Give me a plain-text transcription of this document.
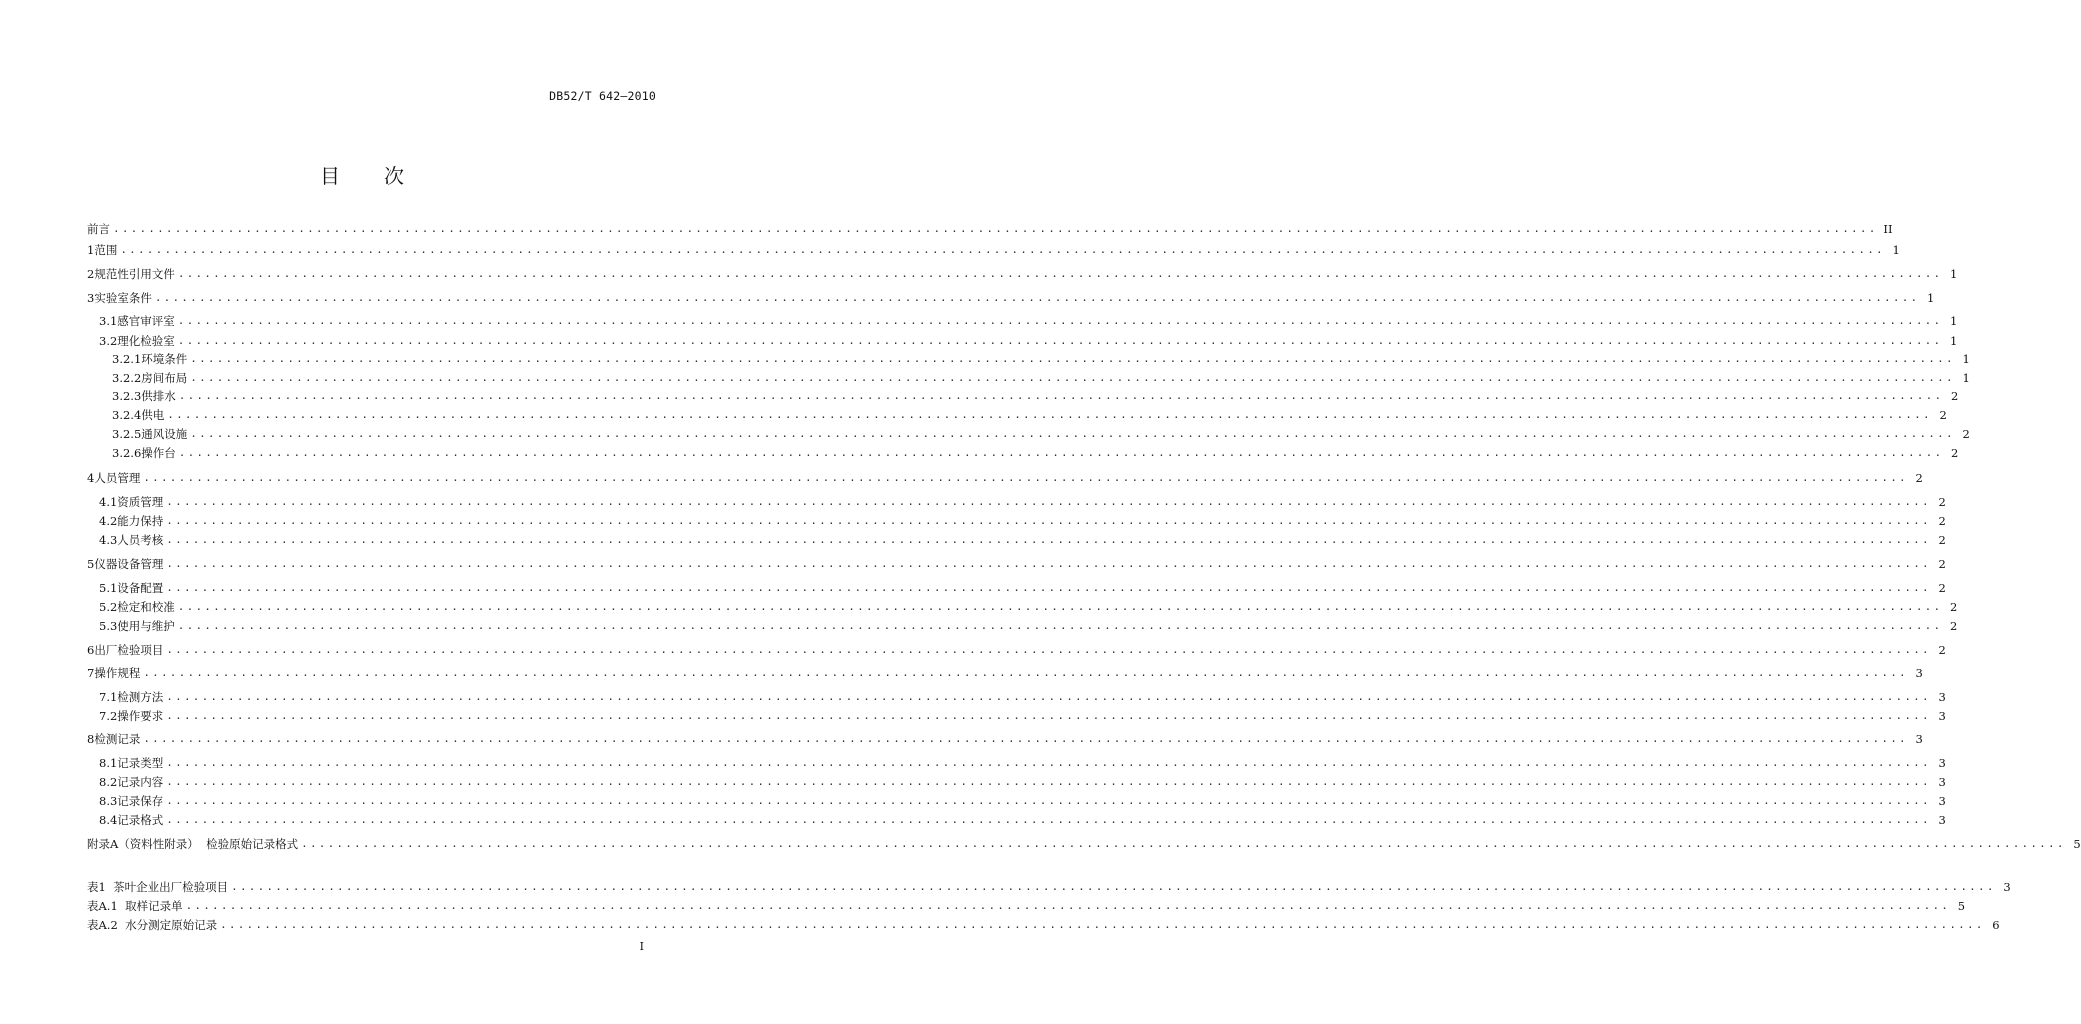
DB52/T 642—2010
目 次
前言 ........................................................................................................................................................................................................ II
1 范围 ........................................................................................................................................................................................................ 1
2 规范性引用文件 ........................................................................................................................................................................................................ 1
3 实验室条件 ........................................................................................................................................................................................................ 1
3.1 感官审评室 ........................................................................................................................................................................................................ 1
3.2 理化检验室 ........................................................................................................................................................................................................ 1
3.2.1 环境条件 ........................................................................................................................................................................................................ 1
3.2.2 房间布局 ........................................................................................................................................................................................................ 1
3.2.3 供排水 ........................................................................................................................................................................................................ 2
3.2.4 供电 ........................................................................................................................................................................................................ 2
3.2.5 通风设施 ........................................................................................................................................................................................................ 2
3.2.6 操作台 ........................................................................................................................................................................................................ 2
4 人员管理 ........................................................................................................................................................................................................ 2
4.1 资质管理 ........................................................................................................................................................................................................ 2
4.2 能力保持 ........................................................................................................................................................................................................ 2
4.3 人员考核 ........................................................................................................................................................................................................ 2
5 仪器设备管理 ........................................................................................................................................................................................................ 2
5.1 设备配置 ........................................................................................................................................................................................................ 2
5.2 检定和校准 ........................................................................................................................................................................................................ 2
5.3 使用与维护 ........................................................................................................................................................................................................ 2
6 出厂检验项目 ........................................................................................................................................................................................................ 2
7 操作规程 ........................................................................................................................................................................................................ 3
7.1 检测方法 ........................................................................................................................................................................................................ 3
7.2 操作要求 ........................................................................................................................................................................................................ 3
8 检测记录 ........................................................................................................................................................................................................ 3
8.1 记录类型 ........................................................................................................................................................................................................ 3
8.2 记录内容 ........................................................................................................................................................................................................ 3
8.3 记录保存 ........................................................................................................................................................................................................ 3
8.4 记录格式 ........................................................................................................................................................................................................ 3
附录A（资料性附录）  检验原始记录格式 ........................................................................................................................................................................................................ 5
表1  茶叶企业出厂检验项目 ........................................................................................................................................................................................................ 3
表A.1  取样记录单 ........................................................................................................................................................................................................ 5
表A.2  水分测定原始记录 ........................................................................................................................................................................................................ 6
I
